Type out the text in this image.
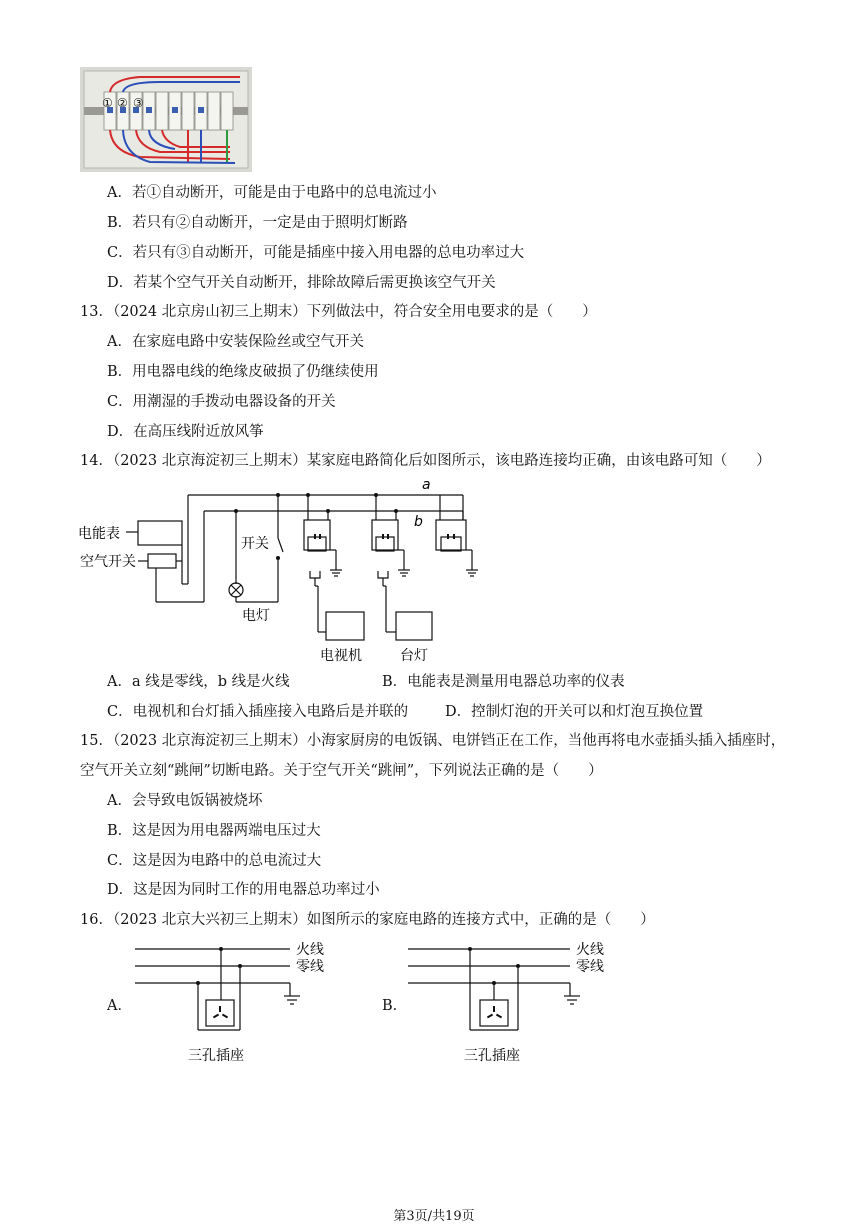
① ② ③
A．若①自动断开，可能是由于电路中的总电流过小
B．若只有②自动断开，一定是由于照明灯断路
C．若只有③自动断开，可能是插座中接入用电器的总电功率过大
D．若某个空气开关自动断开，排除故障后需更换该空气开关
13．（2024 北京房山初三上期末）下列做法中，符合安全用电要求的是（　　）
A．在家庭电路中安装保险丝或空气开关
B．用电器电线的绝缘皮破损了仍继续使用
C．用潮湿的手拨动电器设备的开关
D．在高压线附近放风筝
14．（2023 北京海淀初三上期末）某家庭电路简化后如图所示，该电路连接均正确，由该电路可知（　　）
a
b
电能表
空气开关
开关
电灯
电视机	台灯
A．a 线是零线，b 线是火线	B．电能表是测量用电器总功率的仪表
C．电视机和台灯插入插座接入电路后是并联的	D．控制灯泡的开关可以和灯泡互换位置
15．（2023 北京海淀初三上期末）小海家厨房的电饭锅、电饼铛正在工作，当他再将电水壶插头插入插座时，
空气开关立刻“跳闸”切断电路。关于空气开关“跳闸”，下列说法正确的是（　　）
A．会导致电饭锅被烧坏
B．这是因为用电器两端电压过大
C．这是因为电路中的总电流过大
D．这是因为同时工作的用电器总功率过小
16．（2023 北京大兴初三上期末）如图所示的家庭电路的连接方式中，正确的是（　　）
A．
火线
零线
三孔插座
B．
火线
零线
三孔插座
第3页/共19页
